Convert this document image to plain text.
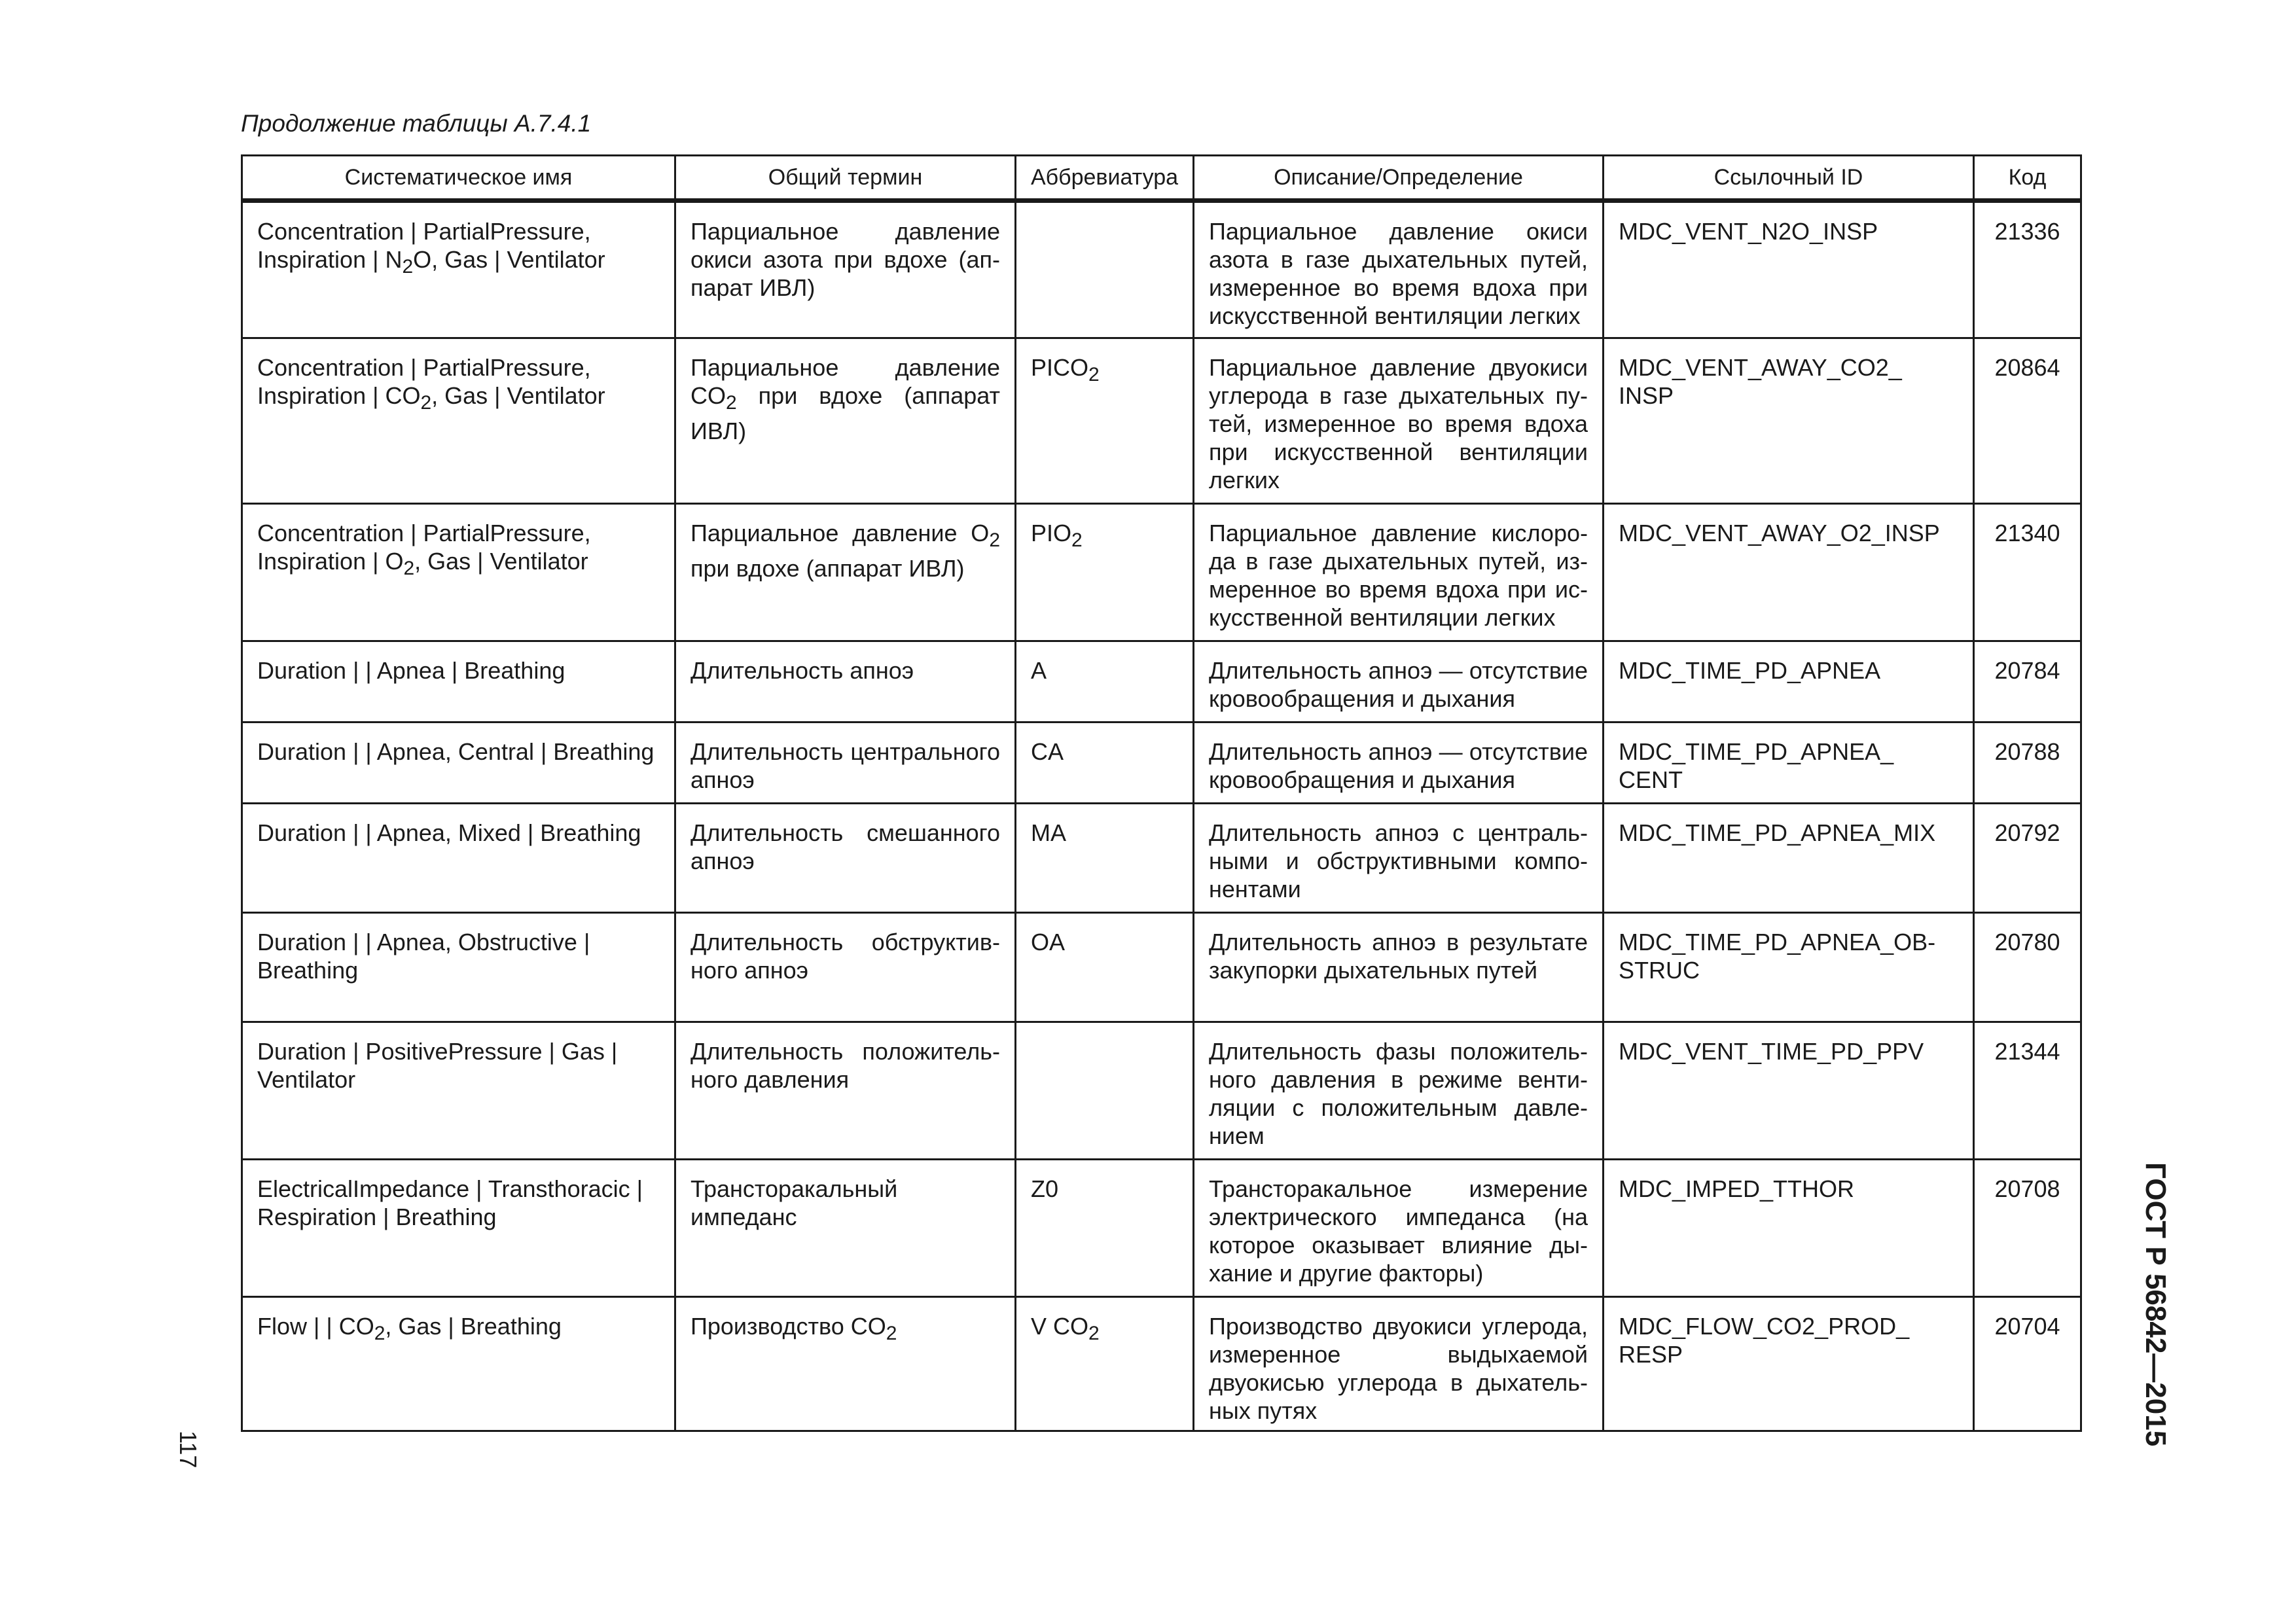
Продолжение таблицы А.7.4.1
Систематическое имя	Общий термин	Аббревиатура	Описание/Определение	Ссылочный ID	Код
Concentration | PartialPressure, Inspiration | $N_2O$, Gas | Ventilator	Парциальное давление окиси азота при вдохе (аппарат ИВЛ)		Парциальное давление окиси азота в газе дыхательных путей, измеренное во время вдоха при искусственной вентиляции легких	MDC_VENT_N2O_INSP	21336
Concentration | PartialPressure, Inspiration | $CO_2$, Gas | Ventilator	Парциальное давление $CO_2$ при вдохе (аппарат ИВЛ)	$PICO_2$	Парциальное давление двуокиси углерода в газе дыхательных путей, измеренное во время вдоха при искусственной вентиляции легких	MDC_VENT_AWAY_CO2_ INSP	20864
Concentration | PartialPressure, Inspiration | $O_2$, Gas | Ventilator	Парциальное давление $O_2$ при вдохе (аппарат ИВЛ)	$PIO_2$	Парциальное давление кислорода в газе дыхательных путей, измеренное во время вдоха при искусственной вентиляции легких	MDC_VENT_AWAY_O2_INSP	21340
Duration | | Apnea | Breathing	Длительность апноэ	A	Длительность апноэ — отсутствие кровообращения и дыхания	MDC_TIME_PD_APNEA	20784
Duration | | Apnea, Central | Breathing	Длительность центрального апноэ	CA	Длительность апноэ — отсутствие кровообращения и дыхания	MDC_TIME_PD_APNEA_ CENT	20788
Duration | | Apnea, Mixed | Breathing	Длительность смешанного апноэ	MA	Длительность апноэ с центральными и обструктивными компонентами	MDC_TIME_PD_APNEA_MIX	20792
Duration | | Apnea, Obstructive | Breathing	Длительность обструктивного апноэ	OA	Длительность апноэ в результате закупорки дыхательных путей	MDC_TIME_PD_APNEA_OBSTRUC	20780
Duration | PositivePressure | Gas | Ventilator	Длительность положительного давления		Длительность фазы положительного давления в режиме вентиляции с положительным давлением	MDC_VENT_TIME_PD_PPV	21344
ElectricalImpedance | Transthoracic | Respiration | Breathing	Трансторакальный импеданс	Z0	Трансторакальное измерение электрического импеданса (на которое оказывает влияние дыхание и другие факторы)	MDC_IMPED_TTHOR	20708
Flow | | $CO_2$, Gas | Breathing	Производство $CO_2$	V $CO_2$	Производство двуокиси углерода, измеренное выдыхаемой двуокисью углерода в дыхательных путях	MDC_FLOW_CO2_PROD_ RESP	20704
117
ГОСТ Р 56842—2015
